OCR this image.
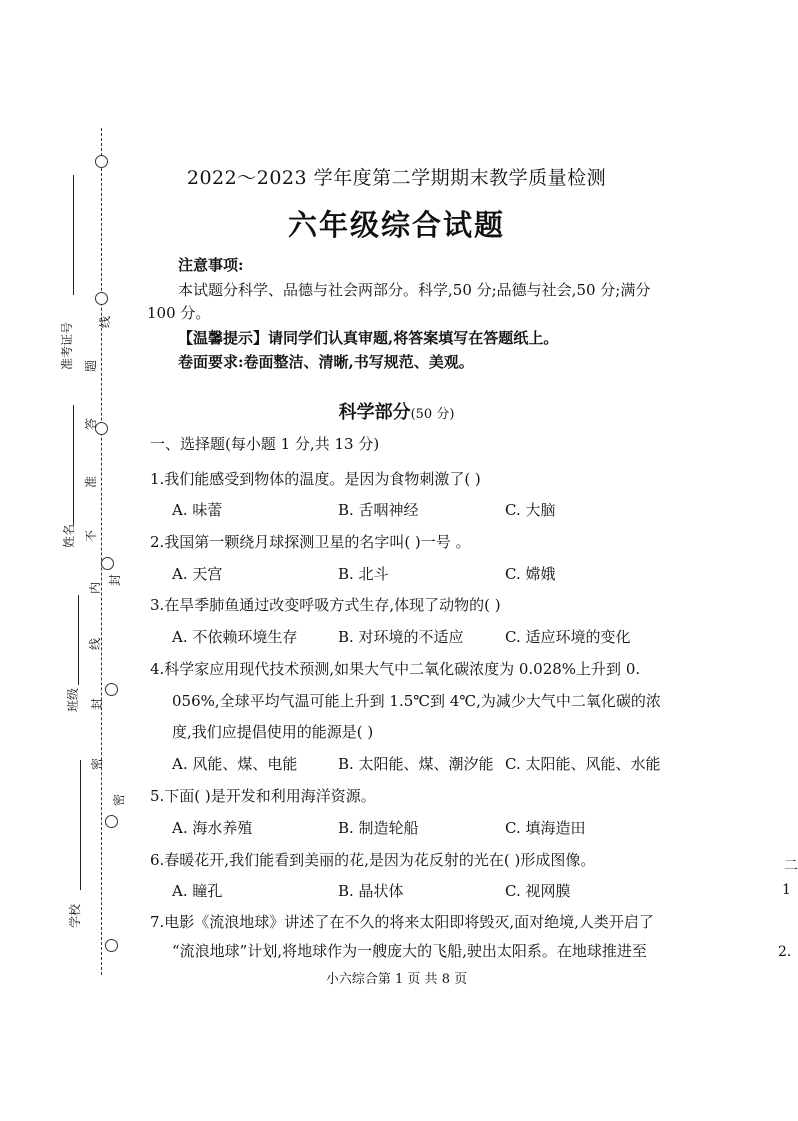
准考证号
姓名
班级
学校
题
答
准
不
内
线
封
密
线
封
密
2022～2023 学年度第二学期期末教学质量检测
六年级综合试题
注意事项:
本试题分科学、品德与社会两部分。科学,50 分;品德与社会,50 分;满分
100 分。
【温馨提示】请同学们认真审题,将答案填写在答题纸上。
卷面要求:卷面整洁、清晰,书写规范、美观。
科学部分(50 分)
一、选择题(每小题 1 分,共 13 分)
1.我们能感受到物体的温度。是因为食物刺激了( )
A. 味蕾	B. 舌咽神经	C. 大脑
2.我国第一颗绕月球探测卫星的名字叫( )一号 。
A. 天宫	B. 北斗	C. 嫦娥
3.在旱季肺鱼通过改变呼吸方式生存,体现了动物的( )
A. 不依赖环境生存	B. 对环境的不适应	C. 适应环境的变化
4.科学家应用现代技术预测,如果大气中二氧化碳浓度为 0.028%上升到 0.
056%,全球平均气温可能上升到 1.5℃到 4℃,为减少大气中二氧化碳的浓
度,我们应提倡使用的能源是( )
A. 风能、煤、电能	B. 太阳能、煤、潮汐能 C. 太阳能、风能、水能
5.下面( )是开发和利用海洋资源。
A. 海水养殖	B. 制造轮船	C. 填海造田
6.春暖花开,我们能看到美丽的花,是因为花反射的光在( )形成图像。
A. 瞳孔	B. 晶状体	C. 视网膜
7.电影《流浪地球》讲述了在不久的将来太阳即将毁灭,面对绝境,人类开启了
“流浪地球”计划,将地球作为一艘庞大的飞船,驶出太阳系。在地球推进至
小六综合第 1 页 共 8 页
二
1
2.
